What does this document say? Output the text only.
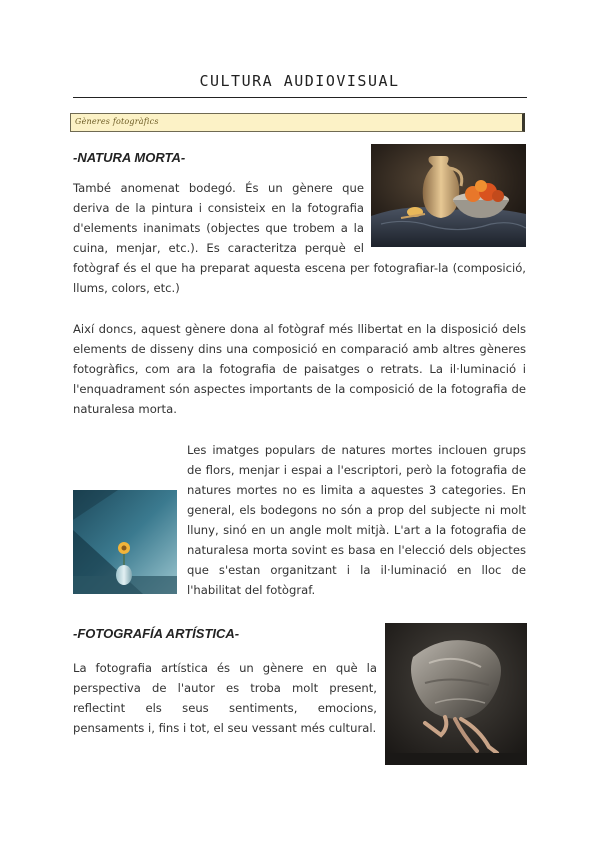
CULTURA AUDIOVISUAL
Gèneres fotogràfics
-NATURA MORTA-
També anomenat bodegó. És un gènere que deriva de la pintura i consisteix en la fotografia d'elements inanimats (objectes que trobem a la cuina, menjar, etc.). Es caracteritza perquè el fotògraf és el que ha preparat aquesta escena per fotografiar-la (composició, llums, colors, etc.)
Així doncs, aquest gènere dona al fotògraf més llibertat en la disposició dels elements de disseny dins una composició en comparació amb altres gèneres fotogràfics, com ara la fotografia de paisatges o retrats. La il·luminació i l'enquadrament són aspectes importants de la composició de la fotografia de naturalesa morta.
Les imatges populars de natures mortes inclouen grups de flors, menjar i espai a l'escriptori, però la fotografia de natures mortes no es limita a aquestes 3 categories. En general, els bodegons no són a prop del subjecte ni molt lluny, sinó en un angle molt mitjà. L'art a la fotografia de naturalesa morta sovint es basa en l'elecció dels objectes que s'estan organitzant i la il·luminació en lloc de l'habilitat del fotògraf.
-FOTOGRAFÍA ARTÍSTICA-
La fotografia artística és un gènere en què la perspectiva de l'autor es troba molt present, reflectint els seus sentiments, emocions, pensaments i, fins i tot, el seu vessant més cultural.
